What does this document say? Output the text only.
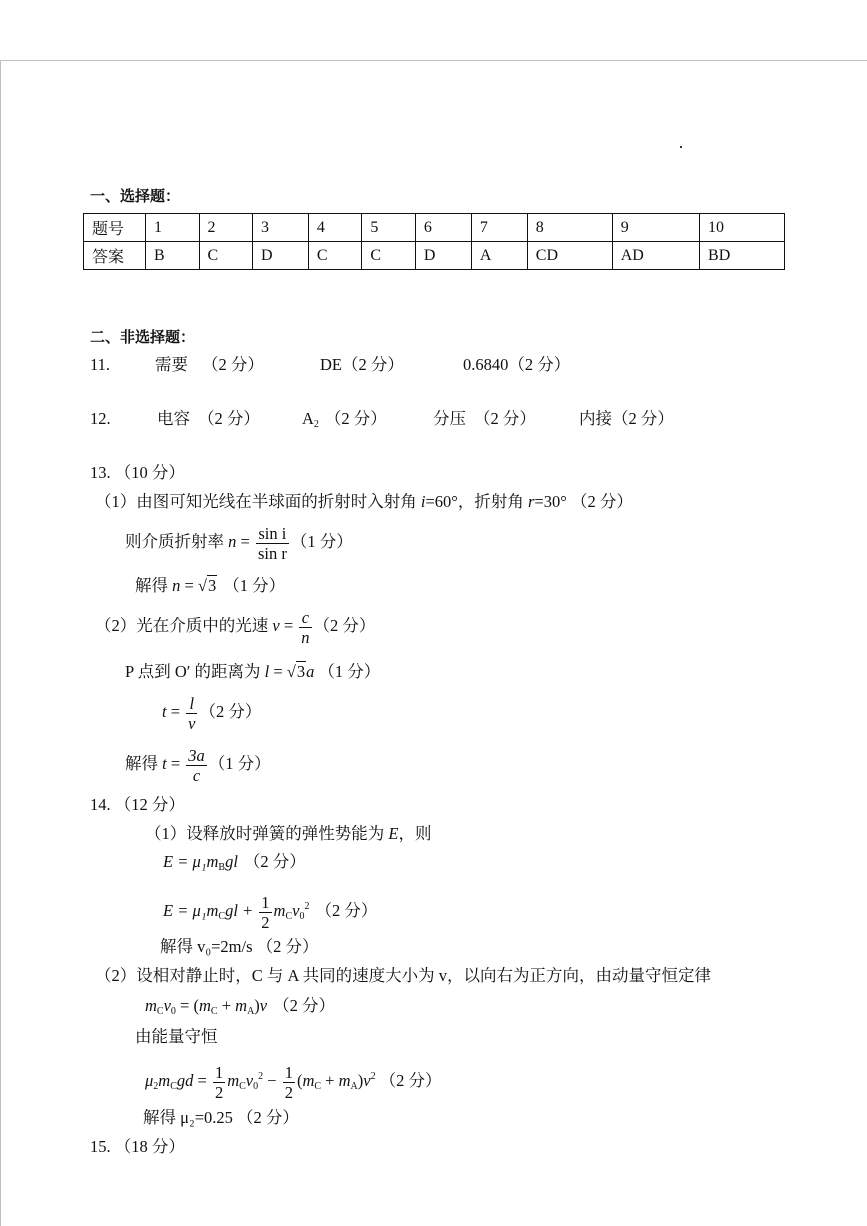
一、选择题：
题号	1	2	3	4	5	6	7	8	9	10
答案	B	C	D	C	C	D	A	CD	AD	BD
二、非选择题：
11.	需要 （2 分）	DE（2 分）	0.6840（2 分）
12.	电容 （2 分）	$A_2$ （2 分）	分压 （2 分）	内接（2 分）
13. （10 分）
（1）由图可知光线在半球面的折射时入射角 i=60°，折射角 r=30° （2 分）
则介质折射率 $n = \frac{\text{sin i}}{\text{sin r}} (1$ 分）
解得 n = √3 （1 分）
（2）光在介质中的光速 $v = \frac{c}{n} (2$ 分）
P 点到 O′ 的距离为 l = √3a （1 分）
$t = \frac{l}{v} (2$ 分）
解得 $t = \frac{3a}{c} (1$ 分）
14. （12 分）
（1）设释放时弹簧的弹性势能为 E，则
$E = \mu_1m_Bgl$ （2 分）
$E = \mu_1m_Cgl + \frac{1}{2} m_Cv_0^2$ （2 分）
解得 v₀=2m/s （2 分）
（2）设相对静止时，C 与 A 共同的速度大小为 v，以向右为正方向，由动量守恒定律
$m_Cv_0 = (m_C + m_A)v$ （2 分）
由能量守恒
$\mu_2m_Cgd = \frac{1}{2} m_Cv_0^2 - \frac{1}{2} (m_C + m_A)v^2$ （2 分）
解得 μ₂=0.25 （2 分）
15. （18 分）
